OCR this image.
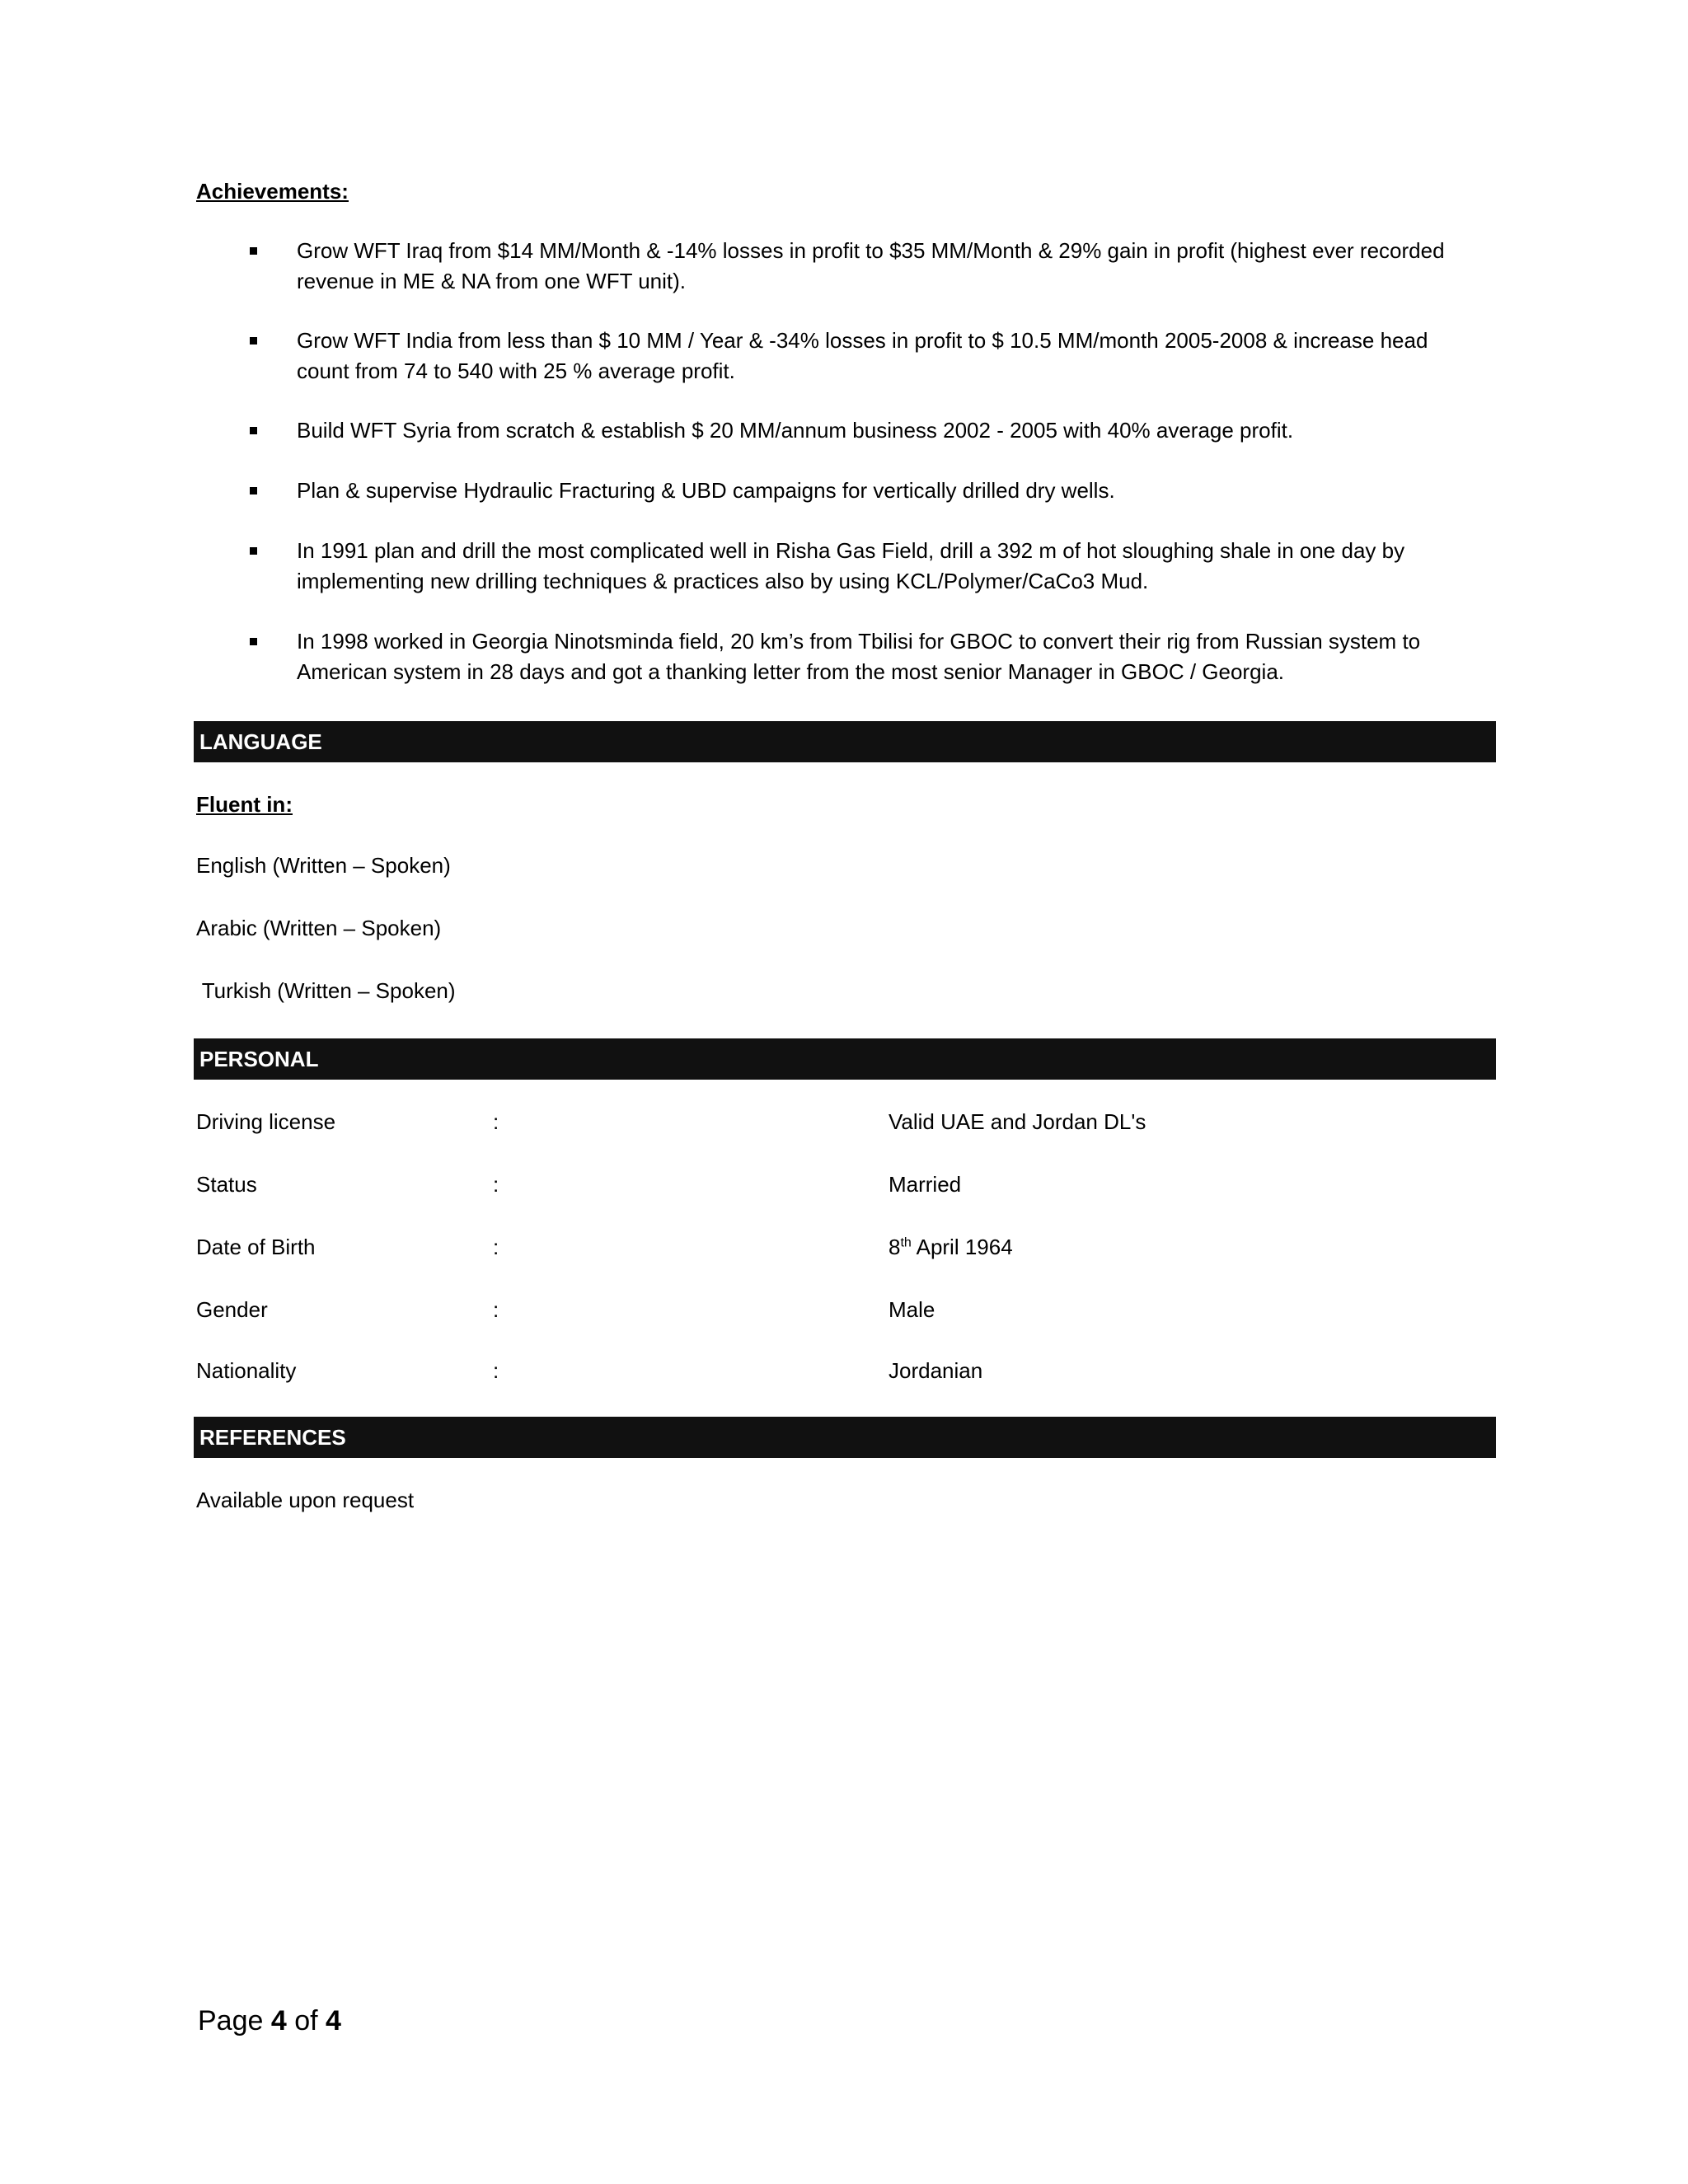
Achievements:
Grow WFT Iraq from $14 MM/Month & -14% losses in profit to $35 MM/Month & 29% gain in profit (highest ever recorded revenue in ME & NA from one WFT unit).
Grow WFT India from less than $ 10 MM / Year & -34% losses in profit to $ 10.5 MM/month 2005-2008 & increase head count from 74 to 540 with 25 % average profit.
Build WFT Syria from scratch & establish $ 20 MM/annum business 2002 - 2005 with 40% average profit.
Plan & supervise Hydraulic Fracturing & UBD campaigns for vertically drilled dry wells.
In 1991 plan and drill the most complicated well in Risha Gas Field, drill a 392 m of hot sloughing shale in one day by implementing new drilling techniques & practices also by using KCL/Polymer/CaCo3 Mud.
In 1998 worked in Georgia Ninotsminda field, 20 km’s from Tbilisi for GBOC to convert their rig from Russian system to American system in 28 days and got a thanking letter from the most senior Manager in GBOC / Georgia.
LANGUAGE
Fluent in:
English (Written – Spoken)
Arabic (Written – Spoken)
Turkish (Written – Spoken)
PERSONAL
Driving license	:	Valid UAE and Jordan DL's
Status	:	Married
Date of Birth	:	8th April 1964
Gender	:	Male
Nationality	:	Jordanian
REFERENCES
Available upon request
Page 4 of 4
